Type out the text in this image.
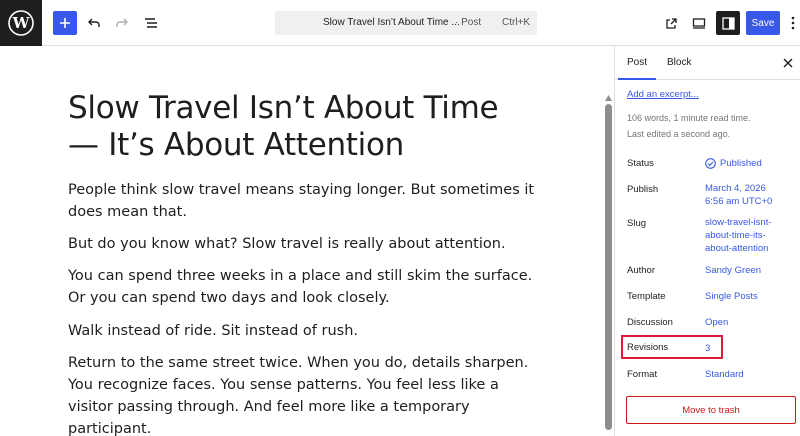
W	Slow Travel Isn’t About Time ...
· Post Ctrl+K	Save
Slow Travel Isn’t About Time — It’s About Attention

People think slow travel means staying longer. But sometimes it does mean that.

But do you know what? Slow travel is really about attention.

You can spend three weeks in a place and still skim the surface. Or you can spend two days and look closely.

Walk instead of ride. Sit instead of rush.

Return to the same street twice. When you do, details sharpen. You recognize faces. You sense patterns. You feel less like a visitor passing through. And feel more like a temporary participant.

Post Block
Add an excerpt...
106 words, 1 minute read time.
Last edited a second ago.
Status	Published
Publish	March 4, 2026
6:56 am UTC+0
Slug	slow-travel-isnt-
about-time-its-
about-attention
Author	Sandy Green
Template	Single Posts
Discussion	Open
Revisions	3
Format	Standard
Move to trash
